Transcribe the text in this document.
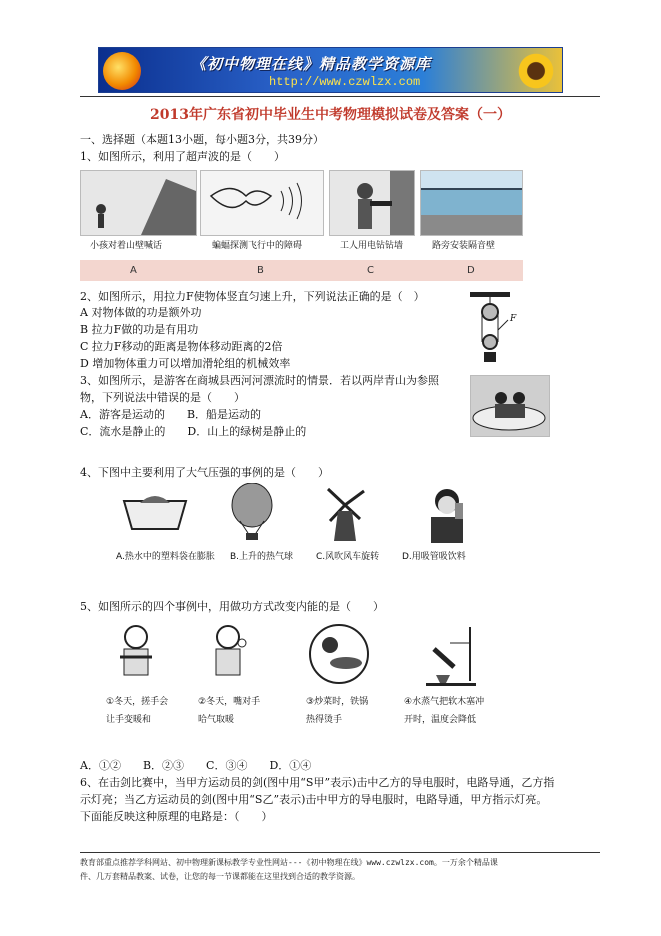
《初中物理在线》精品教学资源库
http://www.czwlzx.com
2013年广东省初中毕业生中考物理模拟试卷及答案（一）
一、选择题（本题13小题，每小题3分，共39分）
1、如图所示，利用了超声波的是（　　）
小孩对着山壁喊话	蝙蝠探测飞行中的障碍	工人用电钻钻墙	路旁安装隔音壁
A	B	C	D
2、如图所示，用拉力F使物体竖直匀速上升，下列说法正确的是（　）
A 对物体做的功是额外功
B 拉力F做的功是有用功
C 拉力F移动的距离是物体移动距离的2倍
D 增加物体重力可以增加滑轮组的机械效率
F
3、如图所示，是游客在商城县西河河漂流时的情景．若以两岸青山为参照
物，下列说法中错误的是（　　）
A．游客是运动的　　B．船是运动的
C．流水是静止的　　D．山上的绿树是静止的
4、下图中主要利用了大气压强的事例的是（　　）
A.热水中的塑料袋在膨胀 B.上升的热气球	C.风吹风车旋转	D.用吸管吸饮料
5、如图所示的四个事例中，用做功方式改变内能的是（　　）
①冬天，搓手会
让手变暖和
②冬天，嘴对手
哈气取暖
③炒菜时，铁锅
热得烫手
④水蒸气把软木塞冲
开时，温度会降低
A．①②　　B．②③　　C．③④　　D．①④
6、在击剑比赛中，当甲方运动员的剑(图中用“S甲”表示)击中乙方的导电服时，电路导通，乙方指
示灯亮；当乙方运动员的剑(图中用“S乙”表示)击中甲方的导电服时，电路导通，甲方指示灯亮。
下面能反映这种原理的电路是：（　　）
教育部重点推荐学科网站、初中物理新课标教学专业性网站---《初中物理在线》www.czwlzx.com。一万余个精品课
件、几万套精品教案、试卷，让您的每一节课都能在这里找到合适的教学资源。
